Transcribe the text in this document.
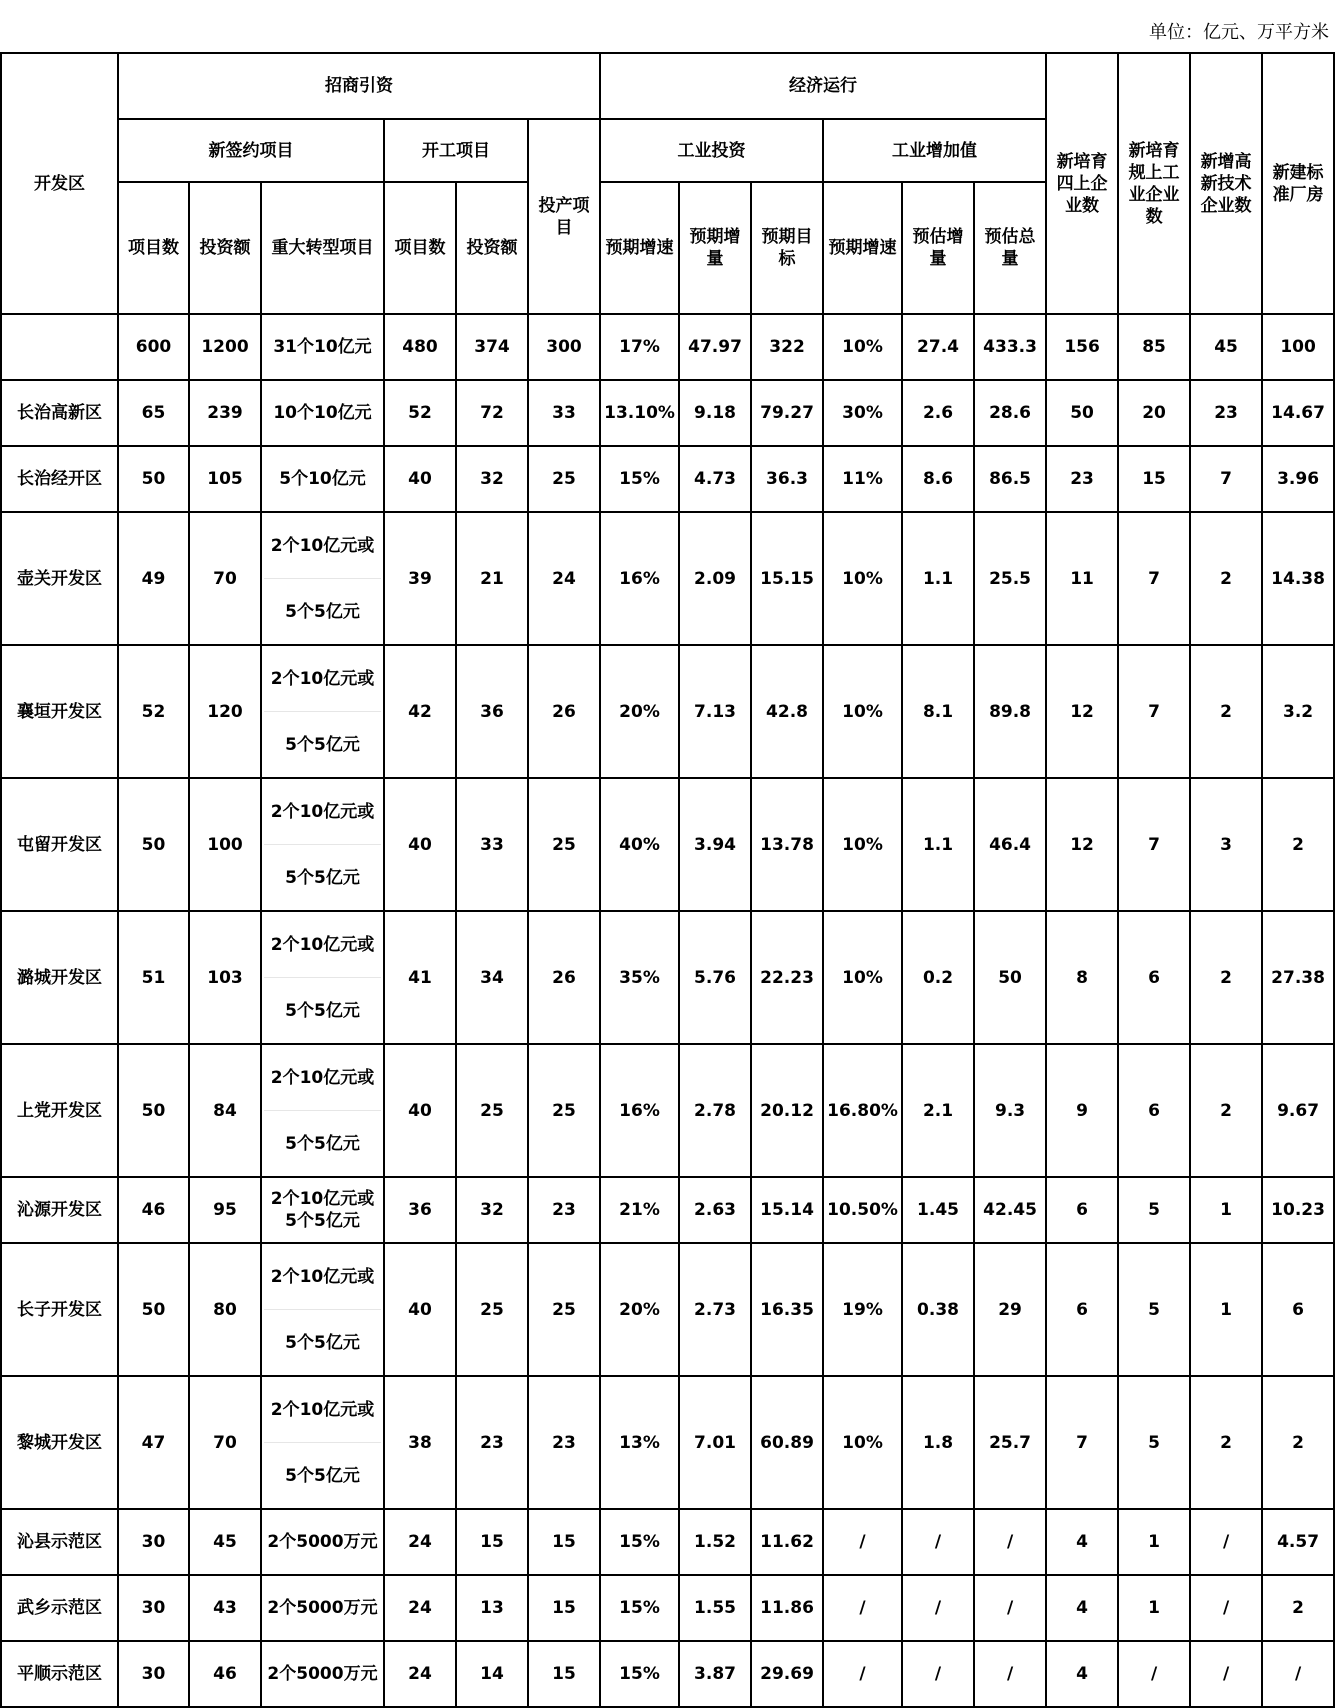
单位：亿元、万平方米
开发区	招商引资						经济运行						新培育四上企业数	新培育规上工业企业数	新增高新技术企业数	新建标准厂房
	新签约项目			开工项目		投产项目	工业投资			工业增加值						
	项目数	投资额	重大转型项目	项目数	投资额		预期增速	预期增量	预期目标	预期增速	预估增量	预估总量				
	600	1200	31个10亿元	480	374	300	17%	47.97	322	10%	27.4	433.3	156	85	45	100
长治高新区	65	239	10个10亿元	52	72	33	13.10%	9.18	79.27	30%	2.6	28.6	50	20	23	14.67
长治经开区	50	105	5个10亿元	40	32	25	15%	4.73	36.3	11%	8.6	86.5	23	15	7	3.96
壶关开发区	49	70	2个10亿元或
5个5亿元	39	21	24	16%	2.09	15.15	10%	1.1	25.5	11	7	2	14.38
襄垣开发区	52	120	2个10亿元或
5个5亿元	42	36	26	20%	7.13	42.8	10%	8.1	89.8	12	7	2	3.2
屯留开发区	50	100	2个10亿元或
5个5亿元	40	33	25	40%	3.94	13.78	10%	1.1	46.4	12	7	3	2
潞城开发区	51	103	2个10亿元或
5个5亿元	41	34	26	35%	5.76	22.23	10%	0.2	50	8	6	2	27.38
上党开发区	50	84	2个10亿元或
5个5亿元	40	25	25	16%	2.78	20.12	16.80%	2.1	9.3	9	6	2	9.67
沁源开发区	46	95	2个10亿元或
5个5亿元	36	32	23	21%	2.63	15.14	10.50%	1.45	42.45	6	5	1	10.23
长子开发区	50	80	2个10亿元或
5个5亿元	40	25	25	20%	2.73	16.35	19%	0.38	29	6	5	1	6
黎城开发区	47	70	2个10亿元或
5个5亿元	38	23	23	13%	7.01	60.89	10%	1.8	25.7	7	5	2	2
沁县示范区	30	45	2个5000万元	24	15	15	15%	1.52	11.62	/	/	/	4	1	/	4.57
武乡示范区	30	43	2个5000万元	24	13	15	15%	1.55	11.86	/	/	/	4	1	/	2
平顺示范区	30	46	2个5000万元	24	14	15	15%	3.87	29.69	/	/	/	4	/	/	/
